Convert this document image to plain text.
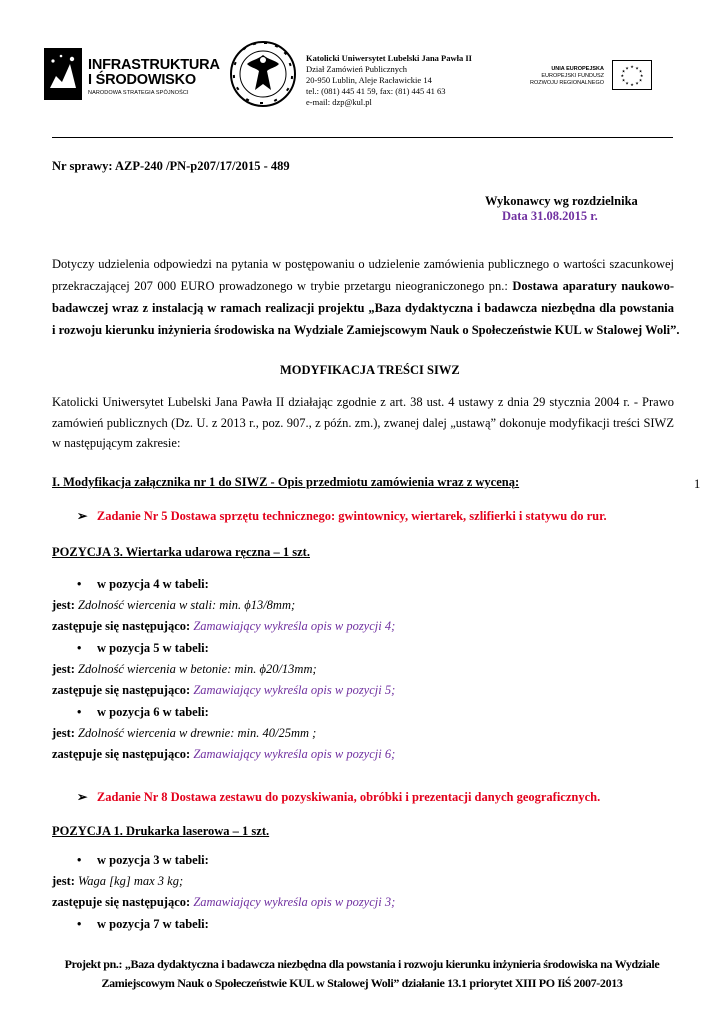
INFRASTRUKTURA
I ŚRODOWISKO
NARODOWA STRATEGIA SPÓJNOŚCI
Katolicki Uniwersytet Lubelski Jana Pawła II
Dział Zamówień Publicznych
20-950 Lublin, Aleje Racławickie 14
tel.: (081) 445 41 59, fax: (81) 445 41 63
e-mail: dzp@kul.pl
UNIA EUROPEJSKA
EUROPEJSKI FUNDUSZ
ROZWOJU REGIONALNEGO
★ ★
★
★
★
★
★
★
★
★
★
★
Nr sprawy: AZP-240 /PN-p207/17/2015 - 489
Wykonawcy wg rozdzielnika
Data 31.08.2015 r.
Dotyczy udzielenia odpowiedzi na pytania w postępowaniu o udzielenie zamówienia publicznego o wartości szacunkowej
przekraczającej 207 000 EURO prowadzonego w trybie przetargu nieograniczonego pn.: Dostawa aparatury naukowo-
badawczej wraz z instalacją w ramach realizacji projektu „Baza dydaktyczna i badawcza niezbędna dla powstania
i rozwoju kierunku inżynieria środowiska na Wydziale Zamiejscowym Nauk o Społeczeństwie KUL w Stalowej Woli”.
MODYFIKACJA TREŚCI SIWZ
Katolicki Uniwersytet Lubelski Jana Pawła II działając zgodnie z art. 38 ust. 4 ustawy z dnia 29 stycznia 2004 r. - Prawo
zamówień publicznych (Dz. U. z 2013 r., poz. 907., z późn. zm.), zwanej dalej „ustawą” dokonuje modyfikacji treści SIWZ
w następującym zakresie:
I. Modyfikacja załącznika nr 1 do SIWZ - Opis przedmiotu zamówienia wraz z wyceną:	1
➢ Zadanie Nr 5 Dostawa sprzętu technicznego: gwintownicy, wiertarek, szlifierki i statywu do rur.
POZYCJA 3. Wiertarka udarowa ręczna – 1 szt.
• w pozycja 4 w tabeli:
jest: Zdolność wiercenia w stali: min. ϕ13/8mm;
zastępuje się następująco: Zamawiający wykreśla opis w pozycji 4;
• w pozycja 5 w tabeli:
jest: Zdolność wiercenia w betonie: min. ϕ20/13mm;
zastępuje się następująco: Zamawiający wykreśla opis w pozycji 5;
• w pozycja 6 w tabeli:
jest: Zdolność wiercenia w drewnie: min. 40/25mm ;
zastępuje się następująco: Zamawiający wykreśla opis w pozycji 6;
➢ Zadanie Nr 8 Dostawa zestawu do pozyskiwania, obróbki i prezentacji danych geograficznych.
POZYCJA 1. Drukarka laserowa – 1 szt.
• w pozycja 3 w tabeli:
jest: Waga [kg] max 3 kg;
zastępuje się następująco: Zamawiający wykreśla opis w pozycji 3;
• w pozycja 7 w tabeli:
Projekt pn.: „Baza dydaktyczna i badawcza niezbędna dla powstania i rozwoju kierunku inżynieria środowiska na Wydziale
Zamiejscowym Nauk o Społeczeństwie KUL w Stalowej Woli” działanie 13.1 priorytet XIII PO IiŚ 2007-2013
